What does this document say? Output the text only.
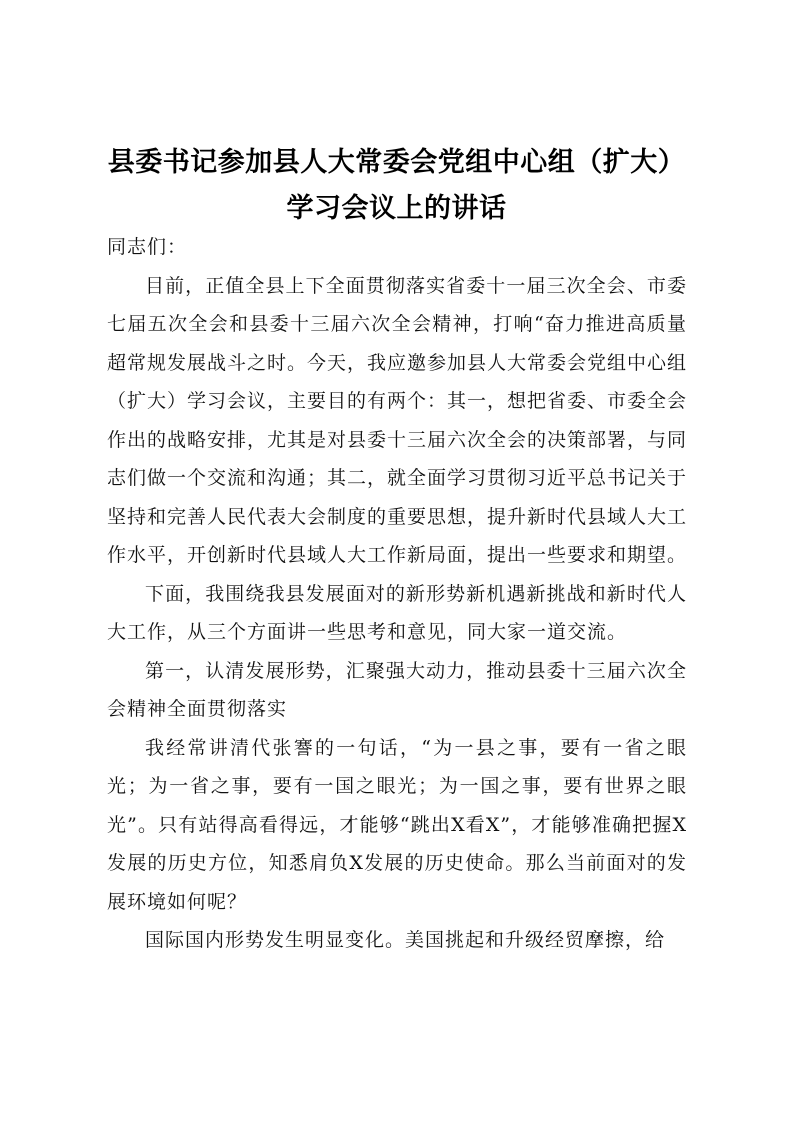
县委书记参加县人大常委会党组中心组（扩大）
学习会议上的讲话

同志们：

目前，正值全县上下全面贯彻落实省委十一届三次全会、市委七届五次全会和县委十三届六次全会精神，打响“奋力推进高质量超常规发展战斗之时。今天，我应邀参加县人大常委会党组中心组（扩大）学习会议，主要目的有两个：其一，想把省委、市委全会作出的战略安排，尤其是对县委十三届六次全会的决策部署，与同志们做一个交流和沟通；其二，就全面学习贯彻习近平总书记关于坚持和完善人民代表大会制度的重要思想，提升新时代县域人大工作水平，开创新时代县域人大工作新局面，提出一些要求和期望。

下面，我围绕我县发展面对的新形势新机遇新挑战和新时代人大工作，从三个方面讲一些思考和意见，同大家一道交流。

第一，认清发展形势，汇聚强大动力，推动县委十三届六次全会精神全面贯彻落实

我经常讲清代张謇的一句话，“为一县之事，要有一省之眼光；为一省之事，要有一国之眼光；为一国之事，要有世界之眼光”。只有站得高看得远，才能够“跳出X看X”，才能够准确把握X发展的历史方位，知悉肩负X发展的历史使命。那么当前面对的发展环境如何呢？

国际国内形势发生明显变化。美国挑起和升级经贸摩擦，给
